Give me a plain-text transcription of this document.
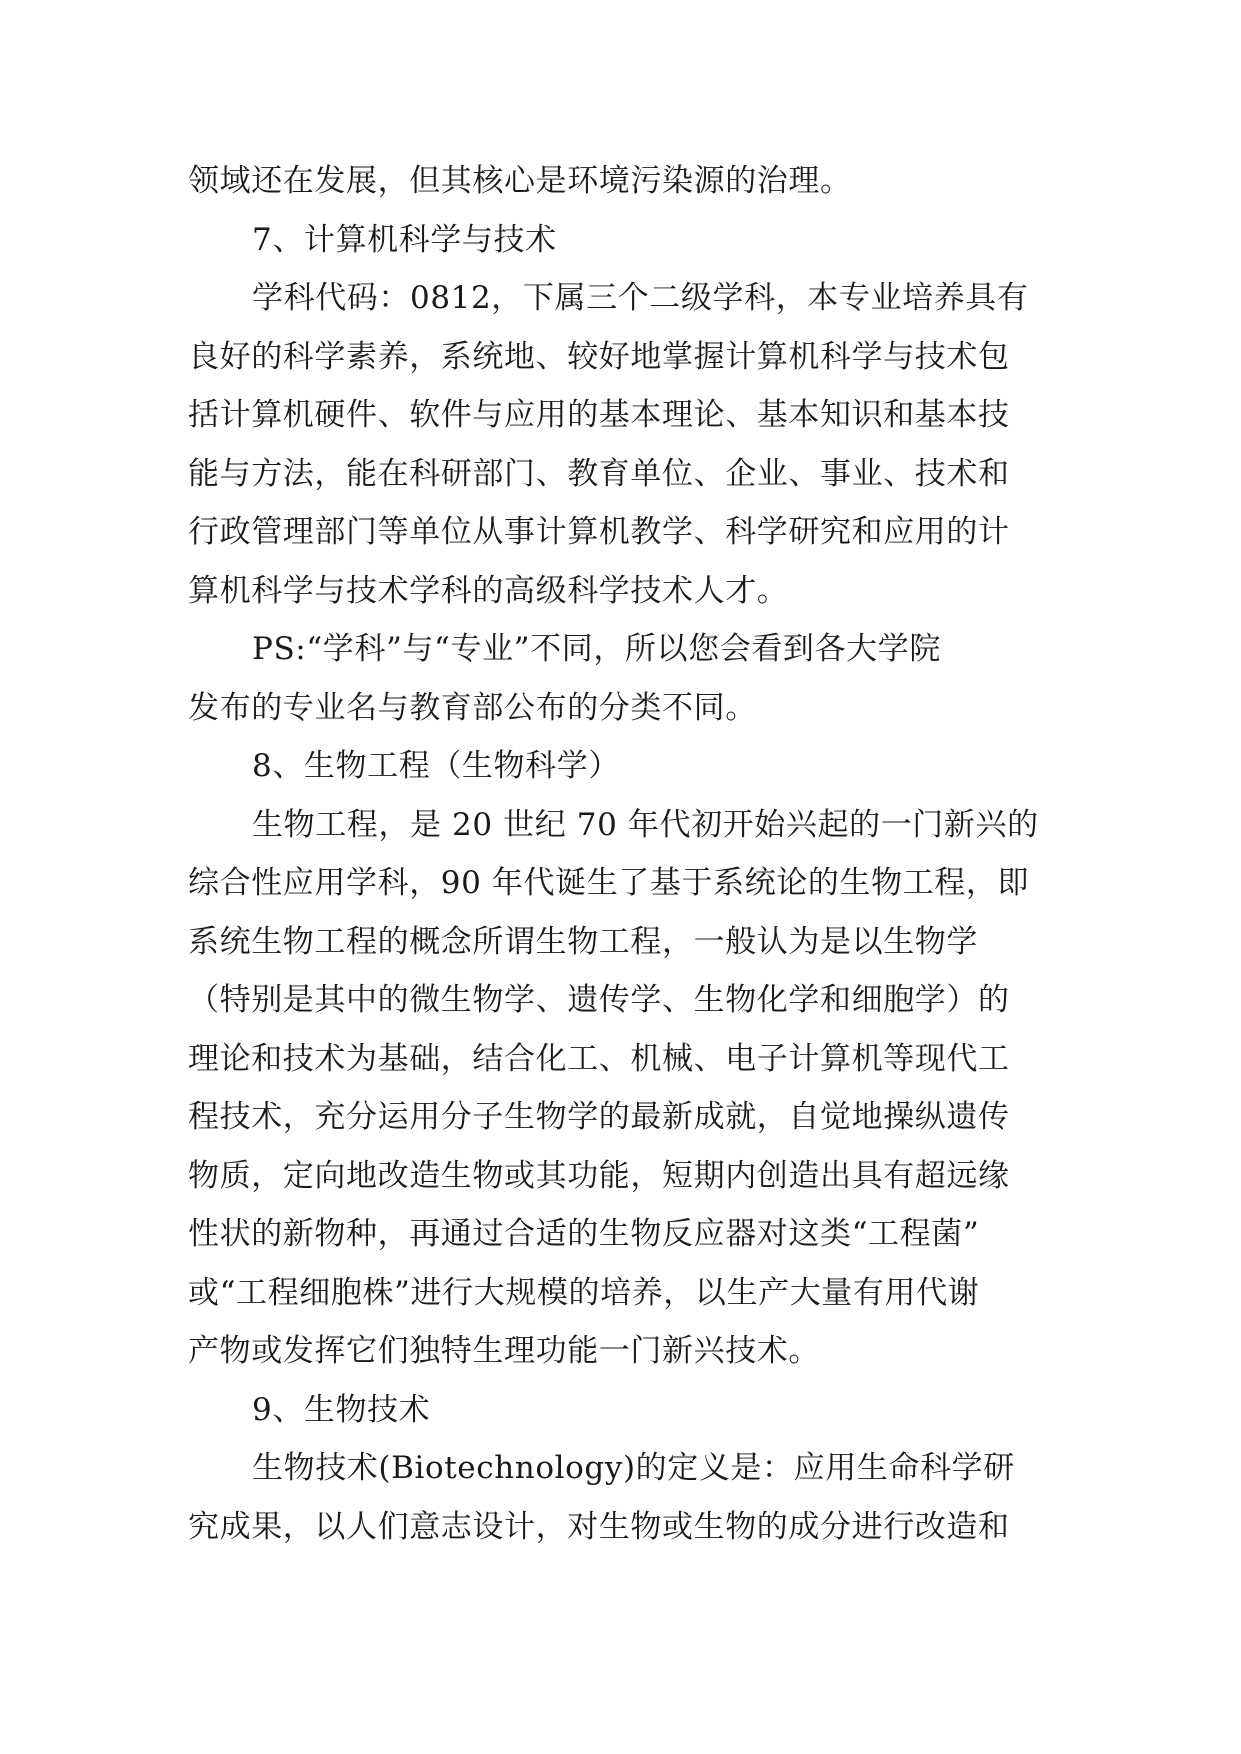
领域还在发展，但其核心是环境污染源的治理。
7、计算机科学与技术
学科代码：0812，下属三个二级学科，本专业培养具有
良好的科学素养，系统地、较好地掌握计算机科学与技术包
括计算机硬件、软件与应用的基本理论、基本知识和基本技
能与方法，能在科研部门、教育单位、企业、事业、技术和
行政管理部门等单位从事计算机教学、科学研究和应用的计
算机科学与技术学科的高级科学技术人才。
PS:“学科”与“专业”不同，所以您会看到各大学院
发布的专业名与教育部公布的分类不同。
8、生物工程（生物科学）
生物工程，是 20 世纪 70 年代初开始兴起的一门新兴的
综合性应用学科，90 年代诞生了基于系统论的生物工程，即
系统生物工程的概念所谓生物工程，一般认为是以生物学
（特别是其中的微生物学、遗传学、生物化学和细胞学）的
理论和技术为基础，结合化工、机械、电子计算机等现代工
程技术，充分运用分子生物学的最新成就，自觉地操纵遗传
物质，定向地改造生物或其功能，短期内创造出具有超远缘
性状的新物种，再通过合适的生物反应器对这类“工程菌”
或“工程细胞株”进行大规模的培养，以生产大量有用代谢
产物或发挥它们独特生理功能一门新兴技术。
9、生物技术
生物技术(Biotechnology)的定义是：应用生命科学研
究成果，以人们意志设计，对生物或生物的成分进行改造和
